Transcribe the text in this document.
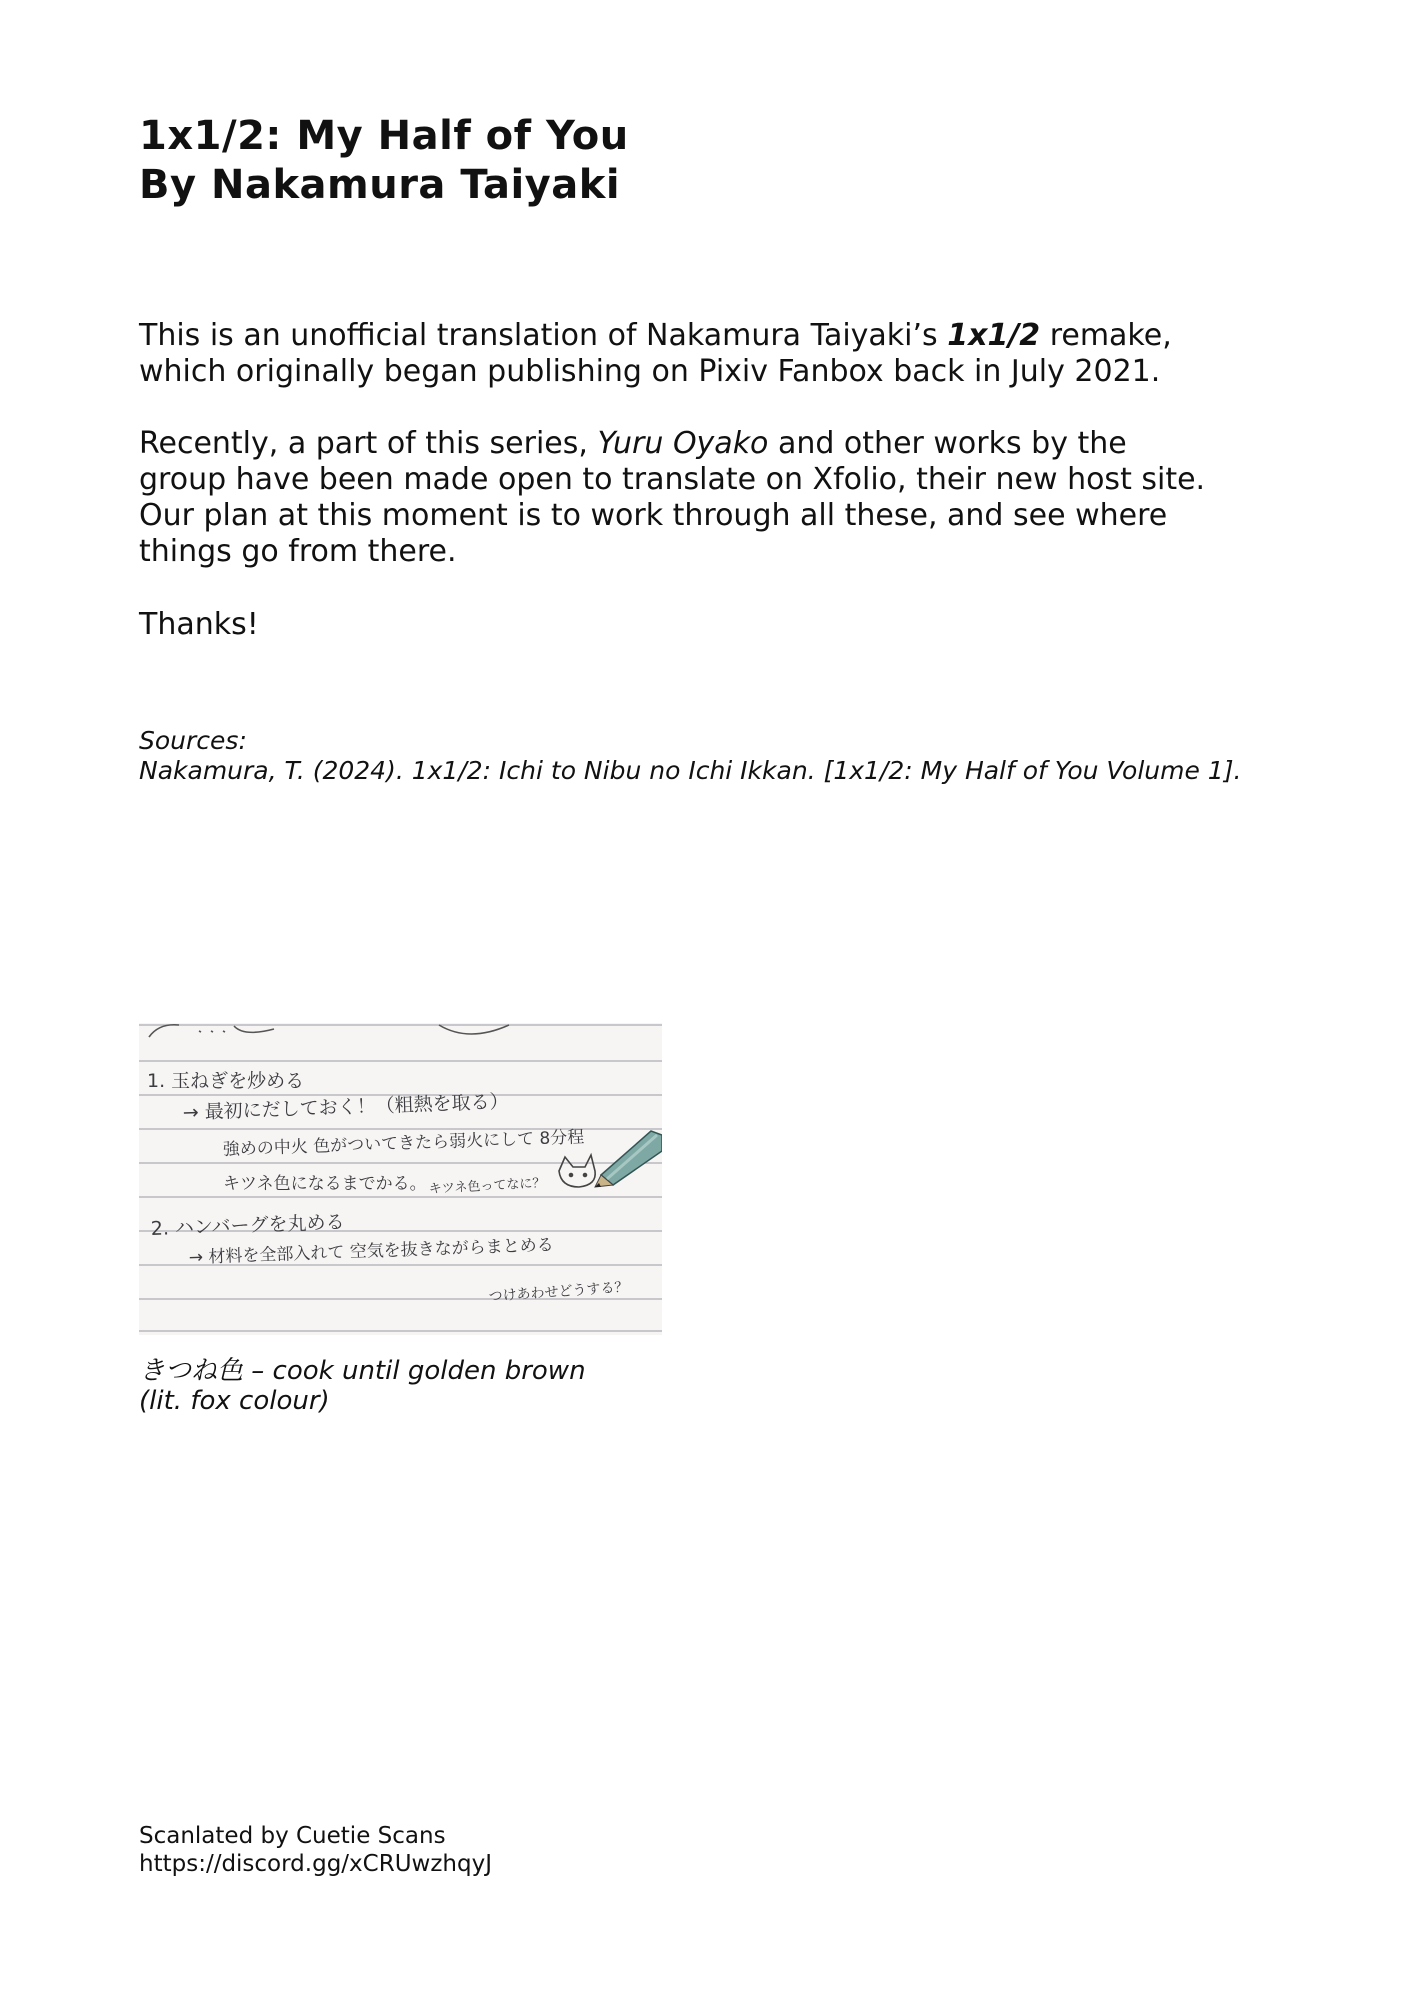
1x1/2: My Half of You
By Nakamura Taiyaki

This is an unofficial translation of Nakamura Taiyaki’s 1x1/2 remake,

which originally began publishing on Pixiv Fanbox back in July 2021.

Recently, a part of this series, Yuru Oyako and other works by the

group have been made open to translate on Xfolio, their new host site.

Our plan at this moment is to work through all these, and see where

things go from there.

Thanks!

Sources:
Nakamura, T. (2024). 1x1/2: Ichi to Nibu no Ichi Ikkan. [1x1/2: My Half of You Volume 1].
1. 玉ねぎを炒める
→ 最初にだしておく！（粗熱を取る）
強めの中火 色がついてきたら弱火にして 8分程
キツネ色になるまでかる。 キツネ色ってなに？
2. ハンバーグを丸める
→ 材料を全部入れて 空気を抜きながらまとめる
つけあわせどうする？
きつね色 – cook until golden brown
(lit. fox colour)
Scanlated by Cuetie Scans
https://discord.gg/xCRUwzhqyJ
